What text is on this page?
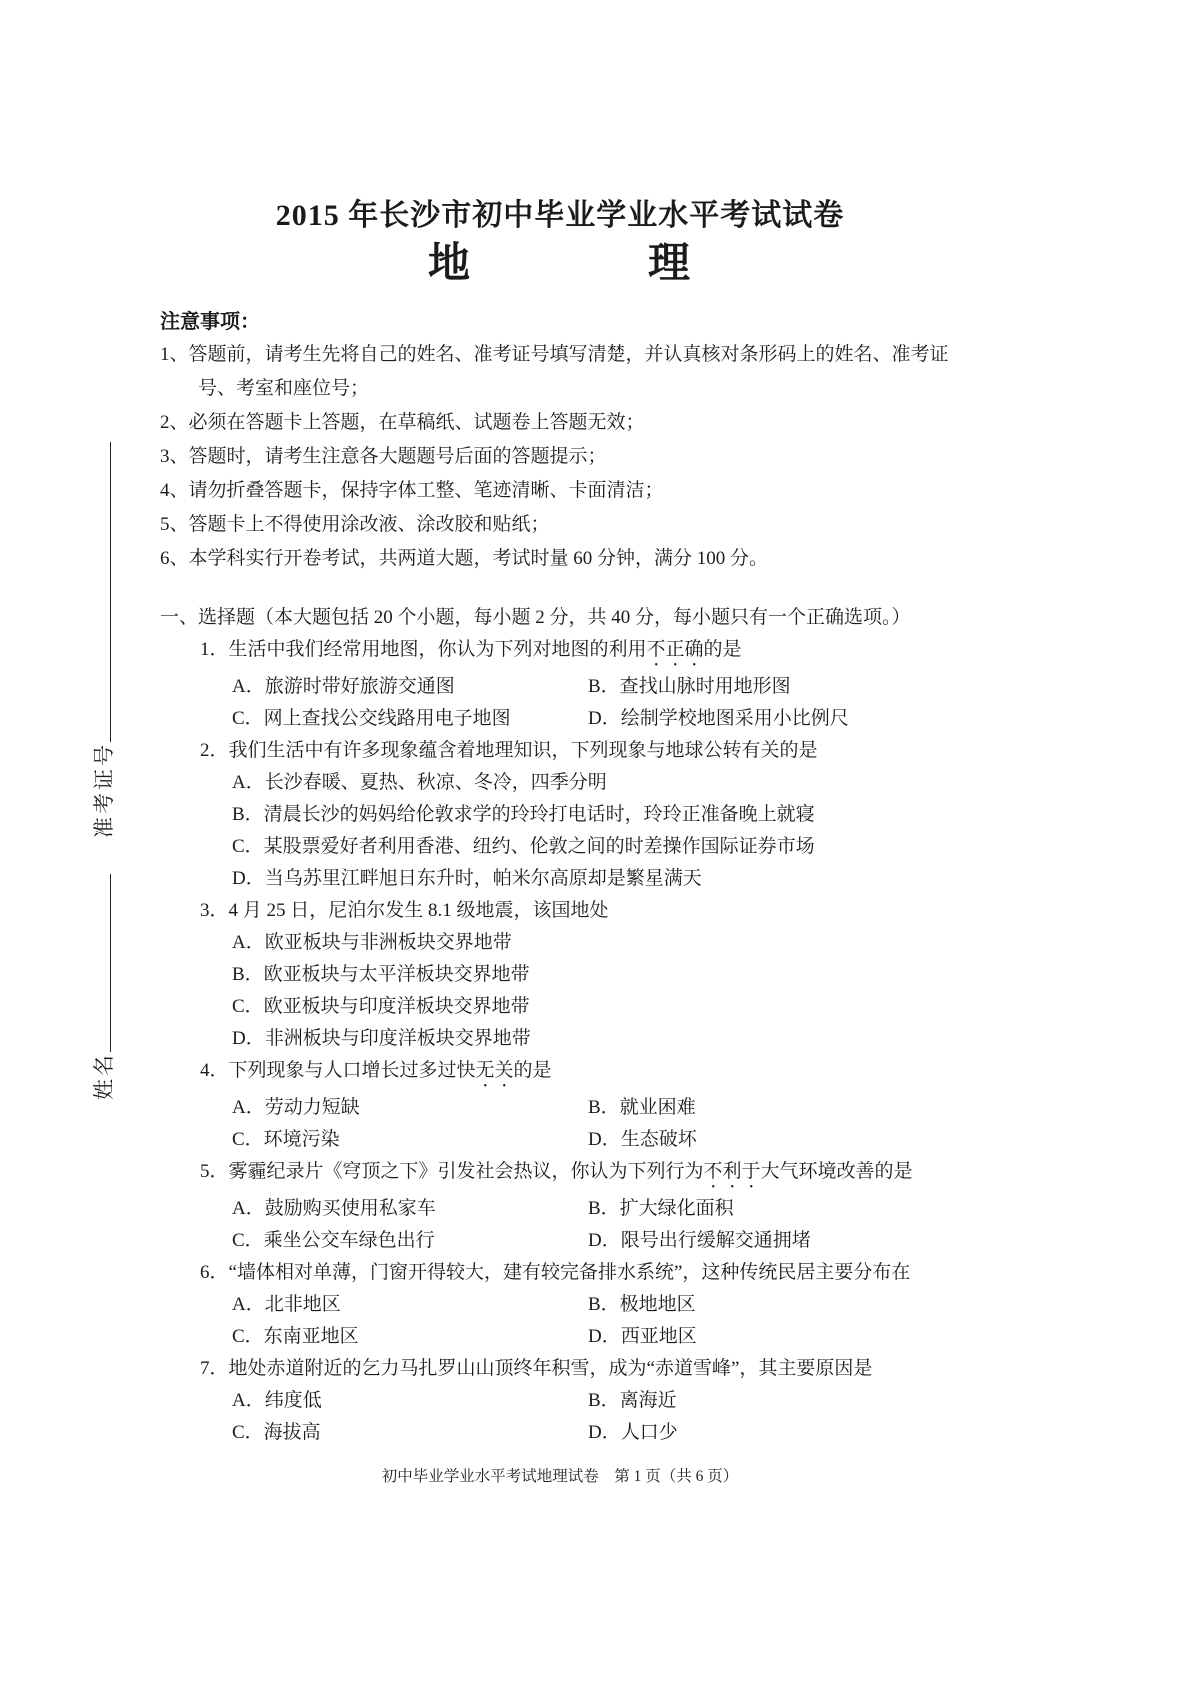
准考证号
姓名
2015 年长沙市初中毕业学业水平考试试卷
地　　　　理
注意事项：
1、答题前，请考生先将自己的姓名、准考证号填写清楚，并认真核对条形码上的姓名、准考证号、考室和座位号；
2、必须在答题卡上答题，在草稿纸、试题卷上答题无效；
3、答题时，请考生注意各大题题号后面的答题提示；
4、请勿折叠答题卡，保持字体工整、笔迹清晰、卡面清洁；
5、答题卡上不得使用涂改液、涂改胶和贴纸；
6、本学科实行开卷考试，共两道大题，考试时量 60 分钟，满分 100 分。
一、选择题（本大题包括 20 个小题，每小题 2 分，共 40 分，每小题只有一个正确选项。）
1．生活中我们经常用地图，你认为下列对地图的利用不正确的是
A．旅游时带好旅游交通图	B．查找山脉时用地形图
C．网上查找公交线路用电子地图	D．绘制学校地图采用小比例尺
2．我们生活中有许多现象蕴含着地理知识，下列现象与地球公转有关的是
A．长沙春暖、夏热、秋凉、冬冷，四季分明
B．清晨长沙的妈妈给伦敦求学的玲玲打电话时，玲玲正准备晚上就寝
C．某股票爱好者利用香港、纽约、伦敦之间的时差操作国际证券市场
D．当乌苏里江畔旭日东升时，帕米尔高原却是繁星满天
3．4 月 25 日，尼泊尔发生 8.1 级地震，该国地处
A．欧亚板块与非洲板块交界地带
B．欧亚板块与太平洋板块交界地带
C．欧亚板块与印度洋板块交界地带
D．非洲板块与印度洋板块交界地带
4．下列现象与人口增长过多过快无关的是
A．劳动力短缺	B．就业困难
C．环境污染	D．生态破坏
5．雾霾纪录片《穹顶之下》引发社会热议，你认为下列行为不利于大气环境改善的是
A．鼓励购买使用私家车	B．扩大绿化面积
C．乘坐公交车绿色出行	D．限号出行缓解交通拥堵
6．“墙体相对单薄，门窗开得较大，建有较完备排水系统”，这种传统民居主要分布在
A．北非地区	B．极地地区
C．东南亚地区	D．西亚地区
7．地处赤道附近的乞力马扎罗山山顶终年积雪，成为“赤道雪峰”，其主要原因是
A．纬度低	B．离海近
C．海拔高	D．人口少
初中毕业学业水平考试地理试卷　第 1 页（共 6 页）
